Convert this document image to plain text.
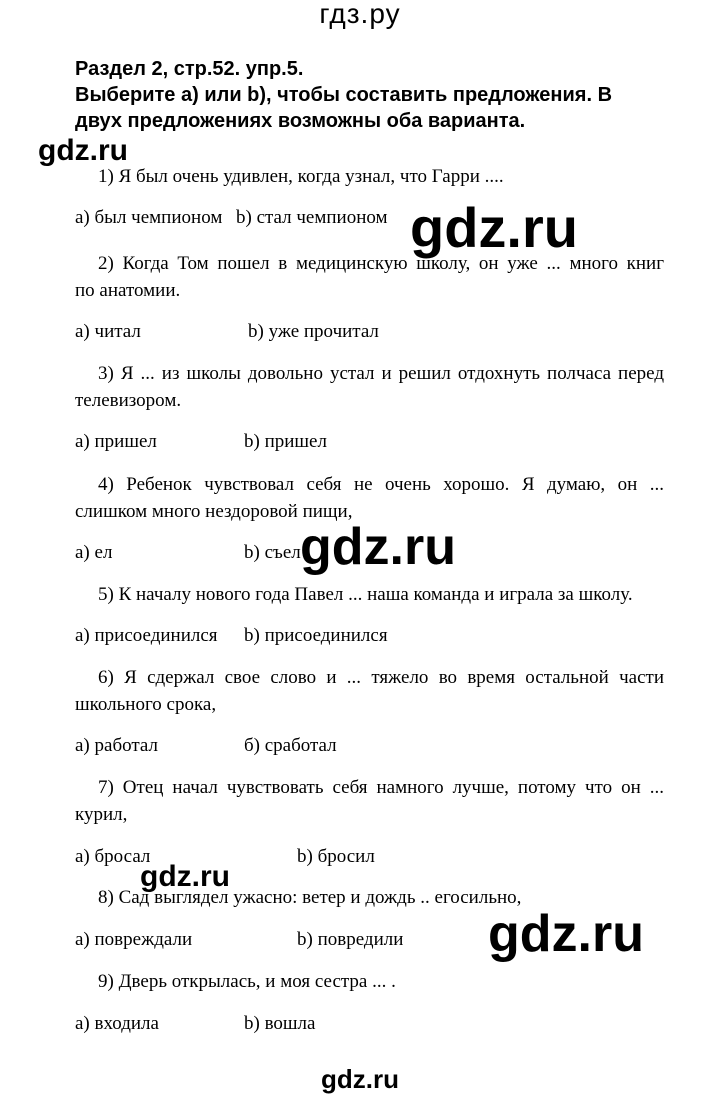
гдз.ру
gdz.ru
Раздел 2, стр.52. упр.5.
Выберите a) или b), чтобы составить предложения. В
двух предложениях возможны оба варианта.
1) Я был очень удивлен, когда узнал, что Гарри ....
a) был чемпионом b) стал чемпионом gdz.ru
2) Когда Том пошел в медицинскую школу, он уже ... много книг
по анатомии.
a) читал	b) уже прочитал
3) Я ... из школы довольно устал и решил отдохнуть полчаса перед
телевизором.
a) пришел	b) пришел
4) Ребенок чувствовал себя не очень хорошо. Я думаю, он ...
слишком много нездоровой пищи,
a) ел	b) съел gdz.ru
5) К началу нового года Павел ... наша команда и играла за школу.
a) присоединился b) присоединился
6) Я сдержал свое слово и ... тяжело во время остальной части
школьного срока,
a) работал	б) сработал
7) Отец начал чувствовать себя намного лучше, потому что он ...
курил,
a) бросал	b) бросил
gdz.ru
8) Сад выглядел ужасно: ветер и дождь .. егосильно,
a) повреждали	b) повредили gdz.ru
9) Дверь открылась, и моя сестра ... .
a) входила	b) вошла
gdz.ru
